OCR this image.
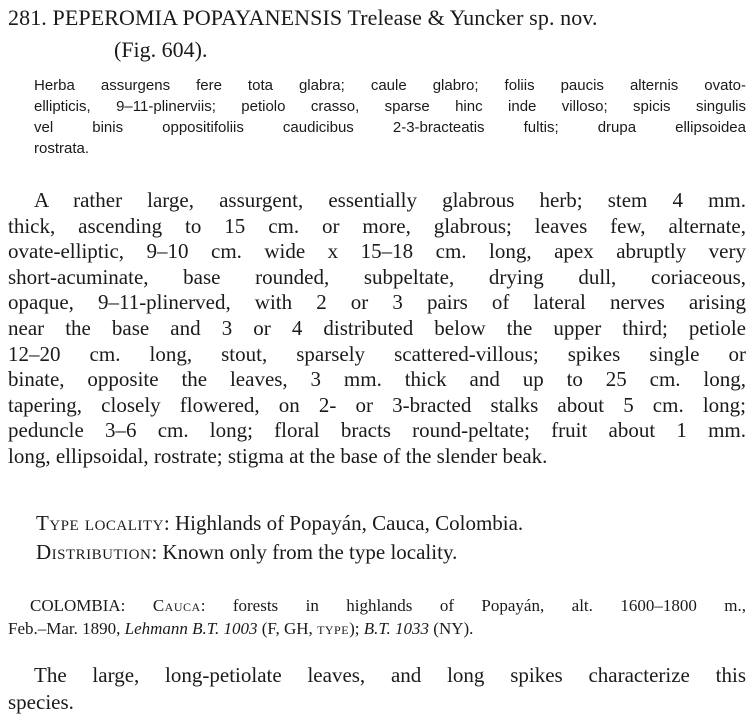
281. PEPEROMIA POPAYANENSIS Trelease & Yuncker sp. nov.
(Fig. 604).
Herba assurgens fere tota glabra; caule glabro; foliis paucis alternis ovato-
ellipticis, 9–11-plinerviis; petiolo crasso, sparse hinc inde villoso; spicis singulis
vel binis oppositifoliis caudicibus 2-3-bracteatis fultis; drupa ellipsoidea
rostrata.
A rather large, assurgent, essentially glabrous herb; stem 4 mm.
thick, ascending to 15 cm. or more, glabrous; leaves few, alternate,
ovate-elliptic, 9–10 cm. wide x 15–18 cm. long, apex abruptly very
short-acuminate, base rounded, subpeltate, drying dull, coriaceous,
opaque, 9–11-plinerved, with 2 or 3 pairs of lateral nerves arising
near the base and 3 or 4 distributed below the upper third; petiole
12–20 cm. long, stout, sparsely scattered-villous; spikes single or
binate, opposite the leaves, 3 mm. thick and up to 25 cm. long,
tapering, closely flowered, on 2- or 3-bracted stalks about 5 cm. long;
peduncle 3–6 cm. long; floral bracts round-peltate; fruit about 1 mm.
long, ellipsoidal, rostrate; stigma at the base of the slender beak.
Type locality: Highlands of Popayán, Cauca, Colombia.
Distribution: Known only from the type locality.
COLOMBIA: Cauca: forests in highlands of Popayán, alt. 1600–1800 m.,
Feb.–Mar. 1890, Lehmann B.T. 1003 (F, GH, type); B.T. 1033 (NY).
The large, long-petiolate leaves, and long spikes characterize this
species.
